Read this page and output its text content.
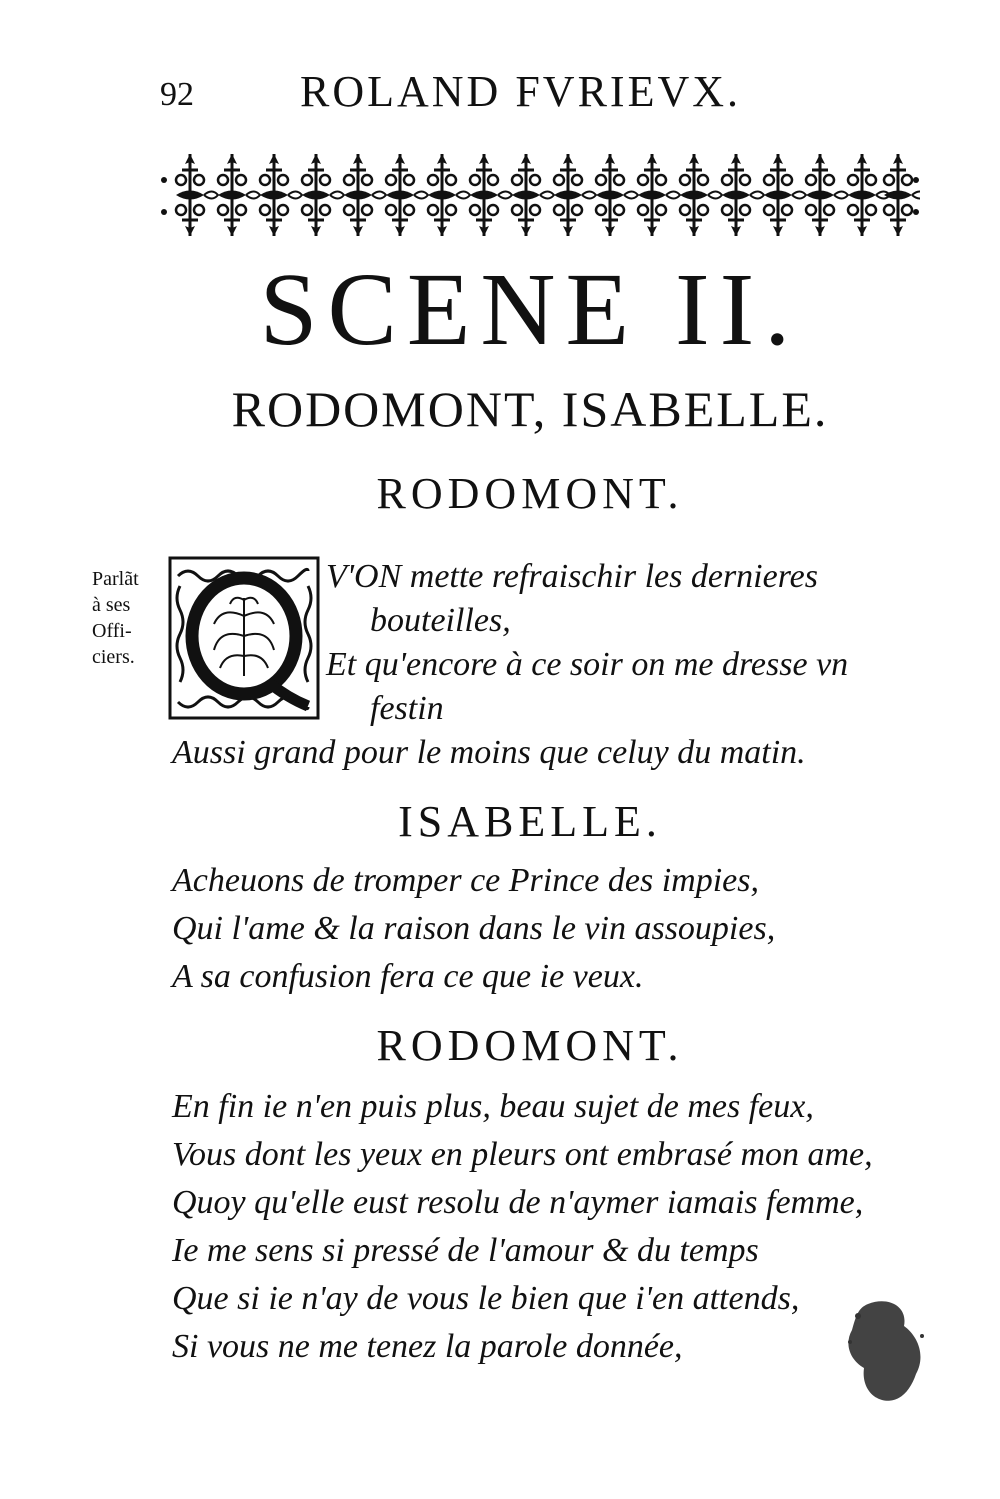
92 ROLAND FVRIEVX.
SCENE II.
RODOMONT, ISABELLE.
RODOMONT.
Parlãt
à ses
Offi-
ciers.
V'ON mette refraischir les dernieres
bouteilles,
Et qu'encore à ce soir on me dresse vn
festin
Aussi grand pour le moins que celuy du matin.
ISABELLE.
Acheuons de tromper ce Prince des impies,
Qui l'ame & la raison dans le vin assoupies,
A sa confusion fera ce que ie veux.
RODOMONT.
En fin ie n'en puis plus, beau sujet de mes feux,
Vous dont les yeux en pleurs ont embrasé mon ame,
Quoy qu'elle eust resolu de n'aymer iamais femme,
Ie me sens si pressé de l'amour & du temps
Que si ie n'ay de vous le bien que i'en attends,
Si vous ne me tenez la parole donnée,
